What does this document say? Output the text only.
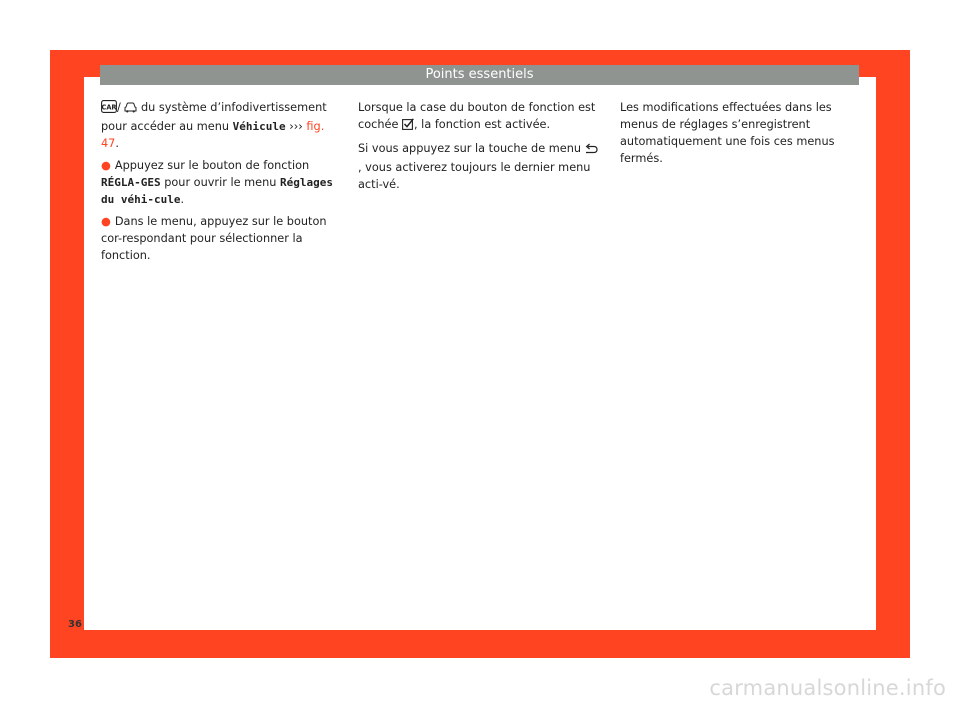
Points essentiels

CAR /  du système d’infodivertissement pour accéder au menu Véhicule ››› fig. 47.

● Appuyez sur le bouton de fonction RÉGLA-GES pour ouvrir le menu Réglages du véhi-cule.

● Dans le menu, appuyez sur le bouton cor-respondant pour sélectionner la fonction.

Lorsque la case du bouton de fonction est cochée , la fonction est activée.

Si vous appuyez sur la touche de menu , vous activerez toujours le dernier menu acti-vé.

Les modifications effectuées dans les menus de réglages s’enregistrent automatiquement une fois ces menus fermés.

36
carmanualsonline.info
